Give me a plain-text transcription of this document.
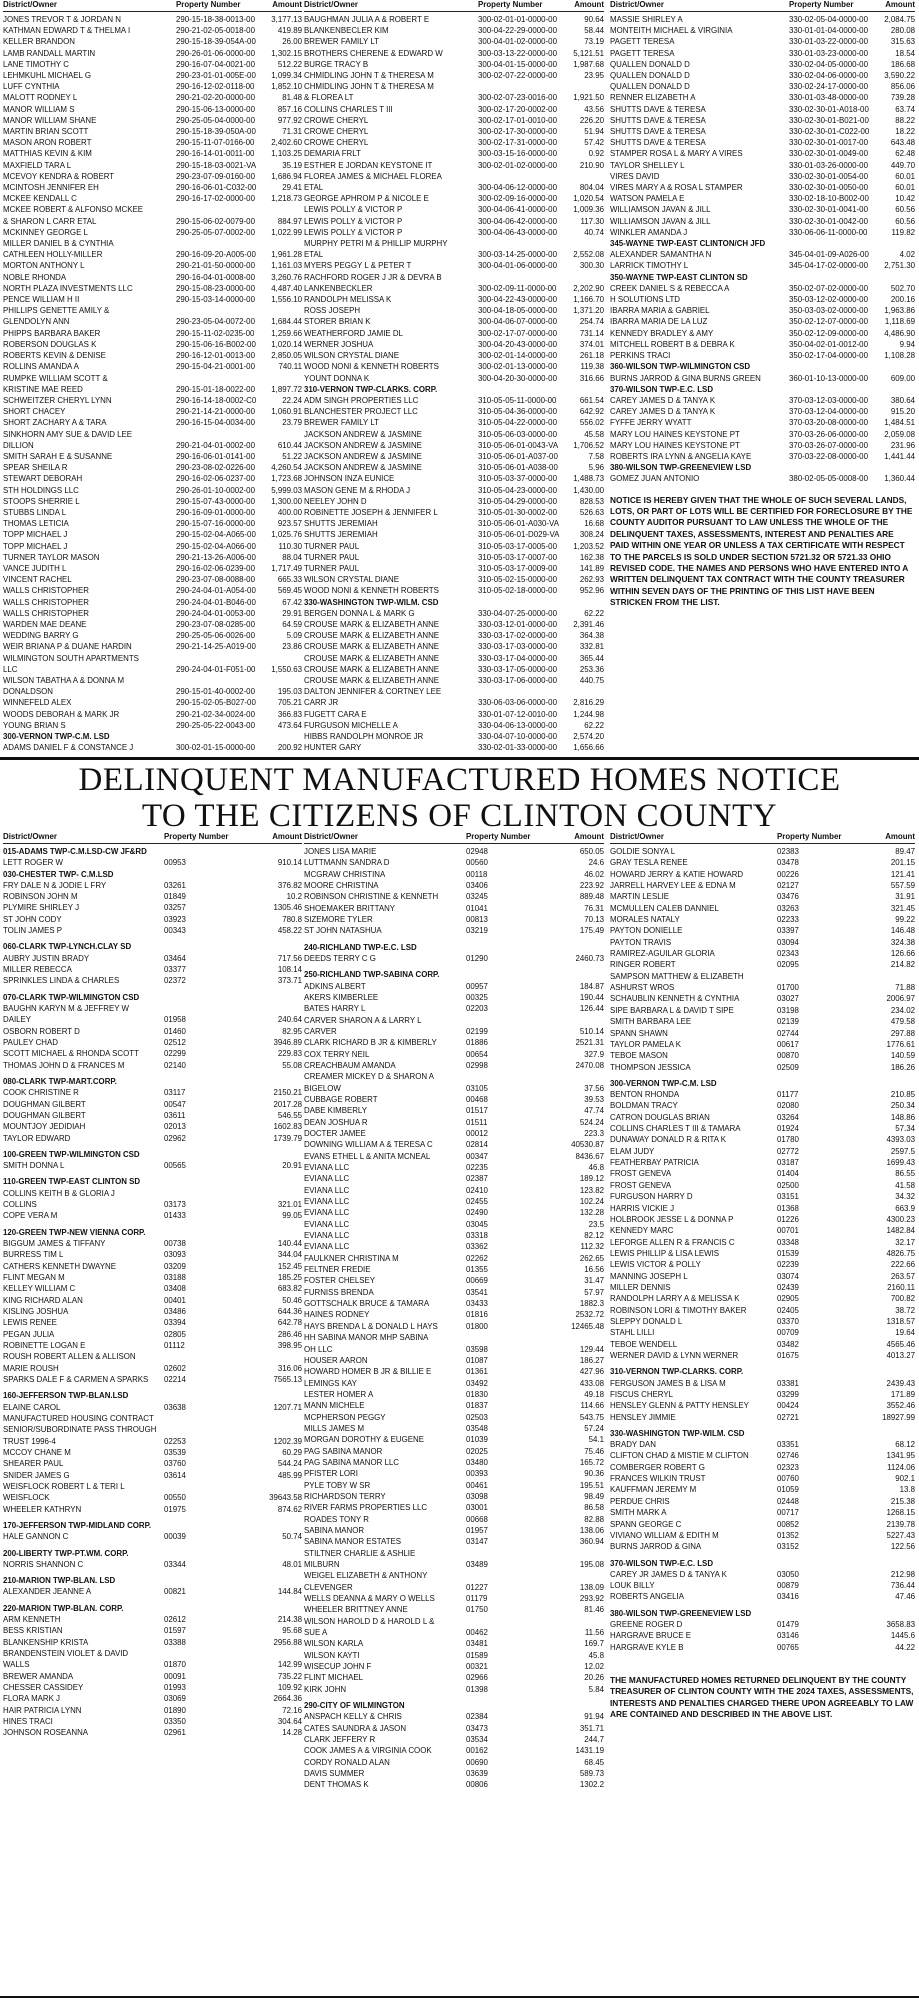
District/Owner	Property Number	Amount
JONES TREVOR T & JORDAN N	290-15-18-38-0013-00	3,177.13
KATHMAN EDWARD T & THELMA I	290-21-02-05-0018-00	419.89
KELLER BRANDON	290-15-18-39-054A-00	26.00
LAMB RANDALL MARTIN	290-26-01-06-0000-00	1,302.15
LANE TIMOTHY C	290-16-07-04-0021-00	512.22
LEHMKUHL MICHAEL G	290-23-01-01-005E-00	1,099.34
LUFF CYNTHIA	290-16-12-02-0118-00	1,852.10
MALOTT RODNEY L	290-21-02-20-0000-00	81.48
MANOR WILLIAM S	290-15-06-13-0000-00	857.16
MANOR WILLIAM SHANE	290-25-05-04-0000-00	977.92
MARTIN BRIAN SCOTT	290-15-18-39-050A-00	71.31
MASON ARON ROBERT	290-15-11-07-0166-00	2,402.60
MATTHIAS KEVIN & KIM	290-16-14-01-0011-00	1,103.25
MAXFIELD TARA L	290-15-18-03-0021-VA	35.19
MCEVOY KENDRA & ROBERT	290-23-07-09-0160-00	1,686.94
MCINTOSH JENNIFER EH	290-16-06-01-C032-00	29.41
MCKEE KENDALL C	290-16-17-02-0000-00	1,218.73
MCKEE ROBERT & ALFONSO MCKEE
& SHARON L CARR ETAL	290-15-06-02-0079-00	884.97
MCKINNEY GEORGE L	290-25-05-07-0002-00	1,022.99
MILLER DANIEL B & CYNTHIA
CATHLEEN HOLLY-MILLER	290-16-09-20-A005-00	1,961.28
MORTON ANTHONY L	290-21-01-50-0000-00	1,161.03
NOBLE RHONDA	290-16-04-01-0008-00	3,260.76
NORTH PLAZA INVESTMENTS LLC	290-15-08-23-0000-00	4,487.40
PENCE WILLIAM H II	290-15-03-14-0000-00	1,556.10
PHILLIPS GENETTE AMILY &
GLENDOLYN ANN	290-23-05-04-0072-00	1,684.44
PHIPPS BARBARA BAKER	290-15-11-02-0235-00	1,259.66
ROBERSON DOUGLAS K	290-15-06-16-B002-00	1,020.14
ROBERTS KEVIN & DENISE	290-16-12-01-0013-00	2,850.05
ROLLINS AMANDA A	290-15-04-21-0001-00	740.11
RUMPKE WILLIAM SCOTT &
KRISTINE MAE REED	290-15-01-18-0022-00	1,897.72
SCHWEITZER CHERYL LYNN	290-16-14-18-0002-C0	22.24
SHORT CHACEY	290-21-14-21-0000-00	1,060.91
SHORT ZACHARY A & TARA	290-16-15-04-0034-00	23.79
SINKHORN AMY SUE & DAVID LEE
DILLION	290-21-04-01-0002-00	610.44
SMITH SARAH E & SUSANNE	290-16-06-01-0141-00	51.22
SPEAR SHEILA R	290-23-08-02-0226-00	4,260.54
STEWART DEBORAH	290-16-02-06-0237-00	1,723.68
STH HOLDINGS LLC	290-26-01-10-0002-00	5,999.03
STOOPS SHERRIE L	290-15-07-43-0000-00	1,300.00
STUBBS LINDA L	290-16-09-01-0000-00	400.00
THOMAS LETICIA	290-15-07-16-0000-00	923.57
TOPP MICHAEL J	290-15-02-04-A065-00	1,025.76
TOPP MICHAEL J	290-15-02-04-A066-00	110.30
TURNER TAYLOR MASON	290-21-13-26-A006-00	88.04
VANCE JUDITH L	290-16-02-06-0239-00	1,717.49
VINCENT RACHEL	290-23-07-08-0088-00	665.33
WALLS CHRISTOPHER	290-24-04-01-A054-00	569.45
WALLS CHRISTOPHER	290-24-04-01-B046-00	67.42
WALLS CHRISTOPHER	290-24-04-01-0053-00	29.91
WARDEN MAE DEANE	290-23-07-08-0285-00	64.59
WEDDING BARRY G	290-25-05-06-0026-00	5.09
WEIR BRIANA P & DUANE HARDIN	290-21-14-25-A019-00	23.86
WILMINGTON SOUTH APARTMENTS
LLC	290-24-04-01-F051-00	1,550.63
WILSON TABATHA A & DONNA M
DONALDSON	290-15-01-40-0002-00	195.03
WINNEFELD ALEX	290-15-02-05-B027-00	705.21
WOODS DEBORAH & MARK JR	290-21-02-34-0024-00	366.83
YOUNG BRIAN S	290-25-05-22-0043-00	473.64
300-VERNON TWP-C.M. LSD
ADAMS DANIEL F & CONSTANCE J	300-02-01-15-0000-00	200.92
District/Owner	Property Number	Amount
BAUGHMAN JULIA A & ROBERT E	300-02-01-01-0000-00	90.64
BLANKENBECLER KIM	300-04-22-29-0000-00	58.44
BREWER FAMILY LT	300-04-01-02-0000-00	73.19
BROTHERS CHERENE & EDWARD W	300-03-13-22-0000-00	5,121.51
BURGE TRACY B	300-04-01-15-0000-00	1,987.68
CHMIDLING JOHN T & THERESA M	300-02-07-22-0000-00	23.95
CHMIDLING JOHN T & THERESA M
& FLOREA LT	300-02-07-23-0016-00	1,921.50
COLLINS CHARLES T III	300-02-17-20-0002-00	43.56
CROWE CHERYL	300-02-17-01-0010-00	226.20
CROWE CHERYL	300-02-17-30-0000-00	51.94
CROWE CHERYL	300-02-17-31-0000-00	57.42
DEMARIA FRLT	300-03-15-16-0000-00	0.92
ESTHER E JORDAN KEYSTONE IT	300-02-01-02-0000-00	210.90
FLOREA JAMES & MICHAEL FLOREA
ETAL	300-04-06-12-0000-00	804.04
GEORGE APHROM P & NICOLE E	300-02-09-16-0000-00	1,020.54
LEWIS POLLY & VICTOR P	300-04-06-41-0000-00	1,009.36
LEWIS POLLY & VICTOR P	300-04-06-42-0000-00	117.30
LEWIS POLLY & VICTOR P	300-04-06-43-0000-00	40.74
MURPHY PETRI M & PHILLIP MURPHY
ETAL	300-03-14-25-0000-00	2,552.08
MYERS PEGGY L & PETER T	300-04-01-06-0000-00	300.30
RACHFORD ROGER J JR & DEVRA B
LANKENBECKLER	300-02-09-11-0000-00	2,202.90
RANDOLPH MELISSA K	300-04-22-43-0000-00	1,166.70
ROSS JOSEPH	300-04-18-05-0000-00	1,371.20
STORER BRIAN K	300-04-06-07-0000-00	254.74
WEATHERFORD JAMIE DL	300-02-17-07-0000-00	731.14
WERNER JOSHUA	300-04-20-43-0000-00	374.01
WILSON CRYSTAL DIANE	300-02-01-14-0000-00	261.18
WOOD NONI & KENNETH ROBERTS	300-02-01-13-0000-00	119.38
YOUNT DONNA K	300-04-20-30-0000-00	316.66
310-VERNON TWP-CLARKS. CORP.
ADM SINGH PROPERTIES LLC	310-05-05-11-0000-00	661.54
BLANCHESTER PROJECT LLC	310-05-04-36-0000-00	642.92
BREWER FAMILY LT	310-05-04-22-0000-00	556.02
JACKSON ANDREW & JASMINE	310-05-06-03-0000-00	45.58
JACKSON ANDREW & JASMINE	310-05-06-01-0043-VA	1,706.52
JACKSON ANDREW & JASMINE	310-05-06-01-A037-00	7.58
JACKSON ANDREW & JASMINE	310-05-06-01-A038-00	5.96
JOHNSON INZA EUNICE	310-05-03-37-0000-00	1,488.73
MASON GENE M & RHODA J	310-05-04-23-0000-00	1,430.00
NEELEY JOHN D	310-05-04-29-0000-00	828.53
ROBINETTE JOSEPH & JENNIFER L	310-05-01-30-0002-00	526.63
SHUTTS JEREMIAH	310-05-06-01-A030-VA	16.68
SHUTTS JEREMIAH	310-05-06-01-D029-VA	308.24
TURNER PAUL	310-05-03-17-0005-00	1,203.52
TURNER PAUL	310-05-03-17-0007-00	162.38
TURNER PAUL	310-05-03-17-0009-00	141.89
WILSON CRYSTAL DIANE	310-05-02-15-0000-00	262.93
WOOD NONI & KENNETH ROBERTS	310-05-02-18-0000-00	952.96
330-WASHINGTON TWP-WILM. CSD
BERGEN DONNA L & MARK G	330-04-07-25-0000-00	62.22
CROUSE MARK & ELIZABETH ANNE	330-03-12-01-0000-00	2,391.46
CROUSE MARK & ELIZABETH ANNE	330-03-17-02-0000-00	364.38
CROUSE MARK & ELIZABETH ANNE	330-03-17-03-0000-00	332.81
CROUSE MARK & ELIZABETH ANNE	330-03-17-04-0000-00	365.44
CROUSE MARK & ELIZABETH ANNE	330-03-17-05-0000-00	253.36
CROUSE MARK & ELIZABETH ANNE	330-03-17-06-0000-00	440.75
DALTON JENNIFER & CORTNEY LEE
CARR JR	330-06-03-06-0000-00	2,816.29
FUGETT CARA E	330-01-07-12-0010-00	1,244.98
FURGUSON MICHELLE A	330-04-06-13-0000-00	62.22
HIBBS RANDOLPH MONROE JR	330-04-07-10-0000-00	2,574.20
HUNTER GARY	330-02-01-33-0000-00	1,656.66
District/Owner	Property Number	Amount
MASSIE SHIRLEY A	330-02-05-04-0000-00	2,084.75
MONTEITH MICHAEL & VIRGINIA	330-01-01-04-0000-00	280.08
PAGETT TERESA	330-01-03-22-0000-00	315.63
PAGETT TERESA	330-01-03-23-0000-00	18.54
QUALLEN DONALD D	330-02-04-05-0000-00	186.68
QUALLEN DONALD D	330-02-04-06-0000-00	3,590.22
QUALLEN DONALD D	330-02-24-17-0000-00	856.06
RENNER ELIZABETH A	330-01-03-48-0000-00	739.28
SHUTTS DAVE & TERESA	330-02-30-01-A018-00	63.74
SHUTTS DAVE & TERESA	330-02-30-01-B021-00	88.22
SHUTTS DAVE & TERESA	330-02-30-01-C022-00	18.22
SHUTTS DAVE & TERESA	330-02-30-01-0017-00	643.48
STAMPER ROSA L & MARY A VIRES	330-02-30-01-0049-00	62.48
TAYLOR SHELLEY L	330-01-03-26-0000-00	449.70
VIRES DAVID	330-02-30-01-0054-00	60.01
VIRES MARY A & ROSA L STAMPER	330-02-30-01-0050-00	60.01
WATSON PAMELA E	330-02-18-10-B002-00	10.42
WILLIAMSON JAVAN & JILL	330-02-30-01-0041-00	60.56
WILLIAMSON JAVAN & JILL	330-02-30-01-0042-00	60.56
WINKLER AMANDA J	330-06-06-11-0000-00	119.82
345-WAYNE TWP-EAST CLINTON/CH JFD
ALEXANDER SAMANTHA N	345-04-01-09-A026-00	4.02
LARRICK TIMOTHY L	345-04-17-02-0000-00	2,751.30
350-WAYNE TWP-EAST CLINTON SD
CREEK DANIEL S & REBECCA A	350-02-07-02-0000-00	502.70
H SOLUTIONS LTD	350-03-12-02-0000-00	200.16
IBARRA MARIA & GABRIEL	350-03-03-02-0000-00	1,963.86
IBARRA MARIA DE LA LUZ	350-02-12-07-0000-00	1,118.69
KENNEDY BRADLEY & AMY	350-02-12-09-0000-00	4,486.90
MITCHELL ROBERT B & DEBRA K	350-04-02-01-0012-00	9.94
PERKINS TRACI	350-02-17-04-0000-00	1,108.28
360-WILSON TWP-WILMINGTON CSD
BURNS JARROD & GINA BURNS GREEN	360-01-10-13-0000-00	609.00
370-WILSON TWP-E.C. LSD
CAREY JAMES D & TANYA K	370-03-12-03-0000-00	380.64
CAREY JAMES D & TANYA K	370-03-12-04-0000-00	915.20
FYFFE JERRY WYATT	370-03-20-08-0000-00	1,484.51
MARY LOU HAINES KEYSTONE PT	370-03-26-06-0000-00	2,059.08
MARY LOU HAINES KEYSTONE PT	370-03-26-07-0000-00	231.96
ROBERTS IRA LYNN & ANGELIA KAYE	370-03-22-08-0000-00	1,441.44
380-WILSON TWP-GREENEVIEW LSD
GOMEZ JUAN ANTONIO	380-02-05-05-0008-00	1,360.44
NOTICE IS HEREBY GIVEN THAT THE WHOLE OF SUCH SEVERAL LANDS, LOTS, OR PART OF LOTS WILL BE CERTIFIED FOR FORECLOSURE BY THE COUNTY AUDITOR PURSUANT TO LAW UNLESS THE WHOLE OF THE DELINQUENT TAXES, ASSESSMENTS, INTEREST AND PENALTIES ARE PAID WITHIN ONE YEAR OR UNLESS A TAX CERTIFICATE WITH RESPECT TO THE PARCELS IS SOLD UNDER SECTION 5721.32 OR 5721.33 OHIO REVISED CODE. THE NAMES AND PERSONS WHO HAVE ENTERED INTO A WRITTEN DELINQUENT TAX CONTRACT WITH THE COUNTY TREASURER WITHIN SEVEN DAYS OF THE PRINTING OF THIS LIST HAVE BEEN STRICKEN FROM THE LIST.
DELINQUENT MANUFACTURED HOMES NOTICE
TO THE CITIZENS OF CLINTON COUNTY
District/Owner	Property Number	Amount
015-ADAMS TWP-C.M.LSD-CW JF&RD
LETT ROGER W	00953	910.14
030-CHESTER TWP- C.M.LSD
FRY DALE N & JODIE L FRY	03261	376.82
ROBINSON JOHN M	01849	10.2
PLYMIRE SHIRLEY J	03257	1305.46
ST JOHN CODY	03923	780.8
TOLIN JAMES P	00343	458.22
060-CLARK TWP-LYNCH.CLAY SD
AUBRY JUSTIN BRADY	03464	717.56
MILLER REBECCA	03377	108.14
SPRINKLES LINDA & CHARLES	02372	373.71
070-CLARK TWP-WILMINGTON CSD
BAUGHN KARYN M & JEFFREY W
DAILEY	01958	240.64
OSBORN ROBERT D	01460	82.95
PAULEY CHAD	02512	3946.89
SCOTT MICHAEL & RHONDA SCOTT	02299	229.83
THOMAS JOHN D & FRANCES M	02140	55.08
080-CLARK TWP-MART.CORP.
COOK CHRISTINE R	03117	2150.21
DOUGHMAN GILBERT	00547	2017.28
DOUGHMAN GILBERT	03611	546.55
MOUNTJOY JEDIDIAH	02013	1602.83
TAYLOR EDWARD	02962	1739.79
100-GREEN TWP-WILMINGTON CSD
SMITH DONNA L	00565	20.91
110-GREEN TWP-EAST CLINTON SD
COLLINS KEITH B & GLORIA J
COLLINS	03173	321.01
COPE VERA M	01433	99.05
120-GREEN TWP-NEW VIENNA CORP.
BIGGUM JAMES & TIFFANY	00738	140.44
BURRESS TIM L	03093	344.04
CATHERS KENNETH DWAYNE	03209	152.45
FLINT MEGAN M	03188	185.25
KELLEY WILLIAM C	03408	683.82
KING RICHARD ALAN	00401	50.46
KISLING JOSHUA	03486	644.36
LEWIS RENEE	03394	642.78
PEGAN JULIA	02805	286.46
ROBINETTE LOGAN E	01112	398.95
ROUSH ROBERT ALLEN & ALLISON
MARIE ROUSH	02602	316.06
SPARKS DALE F & CARMEN A SPARKS	02214	7565.13
160-JEFFERSON TWP-BLAN.LSD
ELAINE CAROL	03638	1207.71
MANUFACTURED HOUSING CONTRACT
SENIOR/SUBORDINATE PASS THROUGH
TRUST 1996-4	02253	1202.39
MCCOY CHANE M	03539	60.29
SHEARER PAUL	03760	544.24
SNIDER JAMES G	03614	485.99
WEISFLOCK ROBERT L & TERI L
WEISFLOCK	00550	39643.58
WHEELER KATHRYN	01975	874.62
170-JEFFERSON TWP-MIDLAND CORP.
HALE GANNON C	00039	50.74
200-LIBERTY TWP-PT.WM. CORP.
NORRIS SHANNON C	03344	48.01
210-MARION TWP-BLAN. LSD
ALEXANDER JEANNE A	00821	144.84
220-MARION TWP-BLAN. CORP.
ARM KENNETH	02612	214.38
BESS KRISTIAN	01597	95.68
BLANKENSHIP KRISTA	03388	2956.88
BRANDENSTEIN VIOLET & DAVID
WALLS	01870	142.99
BREWER AMANDA	00091	735.22
CHESSER CASSIDEY	01993	109.92
FLORA MARK J	03069	2664.36
HAIR PATRICIA LYNN	01890	72.16
HINES TRACI	03350	304.64
JOHNSON ROSEANNA	02961	14.28
District/Owner	Property Number	Amount
JONES LISA MARIE	02948	650.05
LUTTMANN SANDRA D	00560	24.6
MCGRAW CHRISTINA	00118	46.02
MOORE CHRISTINA	03406	223.92
ROBINSON CHRISTINE & KENNETH	03245	889.48
SHOEMAKER BRITTANY	01041	76.31
SIZEMORE TYLER	00813	70.13
ST JOHN NATASHUA	03219	175.49
240-RICHLAND TWP-E.C. LSD
DEEDS TERRY C G	01290	2460.73
250-RICHLAND TWP-SABINA CORP.
ADKINS ALBERT	00957	184.87
AKERS KIMBERLEE	00325	190.44
BATES HARRY L	02203	126.44
CARVER SHARON A & LARRY L
CARVER	02199	510.14
CLARK RICHARD B JR & KIMBERLY	01886	2521.31
COX TERRY NEIL	00654	327.9
CREACHBAUM AMANDA	02998	2470.08
CREAMER MICKEY D & SHARON A
BIGELOW	03105	37.56
CUBBAGE ROBERT	00468	39.53
DABE KIMBERLY	01517	47.74
DEAN JOSHUA R	01511	524.24
DOCTER JAMEE	00012	223.3
DOWNING WILLIAM A & TERESA C	02814	40530.87
EVANS ETHEL L & ANITA MCNEAL	00347	8436.67
EVIANA LLC	02235	46.8
EVIANA LLC	02387	189.12
EVIANA LLC	02410	123.82
EVIANA LLC	02455	102.24
EVIANA LLC	02490	132.28
EVIANA LLC	03045	23.5
EVIANA LLC	03318	82.12
EVIANA LLC	03362	112.32
FAULKNER CHRISTINA M	02262	262.65
FELTNER FREDIE	01355	16.56
FOSTER CHELSEY	00669	31.47
FURNISS BRENDA	03541	57.97
GOTTSCHALK BRUCE & TAMARA	03433	1882.3
HAINES RODNEY	01816	2532.72
HAYS BRENDA L & DONALD L HAYS	01800	12465.48
HH SABINA MANOR MHP SABINA
OH LLC	03598	129.44
HOUSER AARON	01087	186.27
HOWARD HOMER B JR & BILLIE E	01361	427.96
LEMINGS KAY	03492	433.08
LESTER HOMER A	01830	49.18
MANN MICHELE	01837	114.66
MCPHERSON PEGGY	02503	543.75
MILLS JAMES M	03548	57.24
MORGAN DOROTHY & EUGENE	01039	54.1
PAG SABINA MANOR	02025	75.46
PAG SABINA MANOR LLC	03480	165.72
PFISTER LORI	00393	90.36
PYLE TOBY W SR	00461	195.51
RICHARDSON TERRY	03098	98.49
RIVER FARMS PROPERTIES LLC	03001	86.58
ROADES TONY R	00668	82.88
SABINA MANOR	01957	138.06
SABINA MANOR ESTATES	03147	360.94
STILTNER CHARLIE & ASHLIE
MILBURN	03489	195.08
WEIGEL ELIZABETH & ANTHONY
CLEVENGER	01227	138.09
WELLS DEANNA & MARY O WELLS	01179	293.92
WHEELER BRITTNEY ANNE	01750	81.46
WILSON HAROLD D & HAROLD L &
SUE A	00462	11.56
WILSON KARLA	03481	169.7
WILSON KAYTI	01589	45.8
WISECUP JOHN F	00321	12.02
FLINT MICHAEL	02966	20.26
KIRK JOHN	01398	5.84
290-CITY OF WILMINGTON
ANSPACH KELLY & CHRIS	02384	91.94
CATES SAUNDRA & JASON	03473	351.71
CLARK JEFFERY R	03534	244.7
COOK JAMES A & VIRGINIA COOK	00162	1431.19
CORDY RONALD ALAN	00690	68.45
DAVIS SUMMER	03639	589.73
DENT THOMAS K	00806	1302.2
District/Owner	Property Number	Amount
GOLDIE SONYA L	02383	89.47
GRAY TESLA RENEE	03478	201.15
HOWARD JERRY & KATIE HOWARD	00226	121.41
JARRELL HARVEY LEE & EDNA M	02127	557.59
MARTIN LESLIE	03476	31.91
MCMULLEN CALEB DANNIEL	03263	321.45
MORALES NATALY	02233	99.22
PAYTON DONIELLE	03397	146.48
PAYTON TRAVIS	03094	324.38
RAMIREZ-AGUILAR GLORIA	02343	126.66
RINGER ROBERT	02095	214.82
SAMPSON MATTHEW & ELIZABETH
ASHURST WROS	01700	71.88
SCHAUBLIN KENNETH & CYNTHIA	03027	2006.97
SIPE BARBARA L & DAVID T SIPE	03198	234.02
SMITH BARBARA LEE	02139	479.58
SPANN SHAWN	02744	297.88
TAYLOR PAMELA K	00617	1776.61
TEBOE MASON	00870	140.59
THOMPSON JESSICA	02509	186.26
300-VERNON TWP-C.M. LSD
BENTON RHONDA	01177	210.85
BOLDMAN TRACY	02080	250.34
CATRON DOUGLAS BRIAN	03264	148.86
COLLINS CHARLES T III & TAMARA	01924	57.34
DUNAWAY DONALD R & RITA K	01780	4393.03
ELAM JUDY	02772	2597.5
FEATHERBAY PATRICIA	03187	1699.43
FROST GENEVA	01404	86.55
FROST GENEVA	02500	41.58
FURGUSON HARRY D	03151	34.32
HARRIS VICKIE J	01368	663.9
HOLBROOK JESSE L & DONNA P	01226	4300.23
KENNEDY MARC	00701	1482.84
LEFORGE ALLEN R & FRANCIS C	03348	32.17
LEWIS PHILLIP & LISA LEWIS	01539	4826.75
LEWIS VICTOR & POLLY	02239	222.66
MANNING JOSEPH L	03074	263.57
MILLER DENNIS	02439	2160.11
RANDOLPH LARRY A & MELISSA K	02905	700.82
ROBINSON LORI & TIMOTHY BAKER	02405	38.72
SLEPPY DONALD L	03370	1318.57
STAHL LILLI	00709	19.64
TEBOE WENDELL	03482	4565.46
WERNER DAVID & LYNN WERNER	01675	4013.27
310-VERNON TWP-CLARKS. CORP.
FERGUSON JAMES B & LISA M	03381	2439.43
FISCUS CHERYL	03299	171.89
HENSLEY GLENN & PATTY HENSLEY	00424	3552.46
HENSLEY JIMMIE	02721	18927.99
330-WASHINGTON TWP-WILM. CSD
BRADY DAN	03351	68.12
CLIFTON CHAD & MISTIE M CLIFTON	02746	1341.95
COMBERGER ROBERT G	02323	1124.06
FRANCES WILKIN TRUST	00760	902.1
KAUFFMAN JEREMY M	01059	13.8
PERDUE CHRIS	02448	215.38
SMITH MARK A	00717	1268.15
SPANN GEORGE C	00852	2139.78
VIVIANO WILLIAM & EDITH M	01352	5227.43
BURNS JARROD & GINA	03152	122.56
370-WILSON TWP-E.C. LSD
CAREY JR JAMES D & TANYA K	03050	212.98
LOUK BILLY	00879	736.44
ROBERTS ANGELIA	03416	47.46
380-WILSON TWP-GREENEVIEW LSD
GREENE ROGER D	01479	3658.83
HARGRAVE BRUCE E	03146	1445.6
HARGRAVE KYLE B	00765	44.22
THE MANUFACTURED HOMES RETURNED DELINQUENT BY THE COUNTY TREASURER OF CLINTON COUNTY WITH THE 2024 TAXES, ASSESSMENTS, INTERESTS AND PENALTIES CHARGED THERE UPON AGREEABLY TO LAW ARE CONTAINED AND DESCRIBED IN THE ABOVE LIST.
